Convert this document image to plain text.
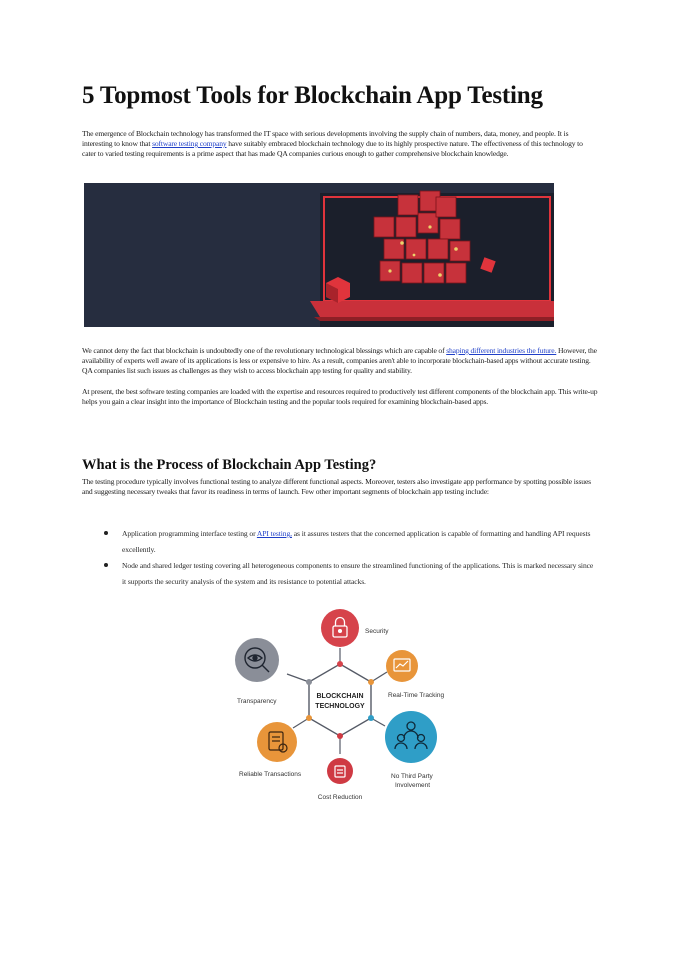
5 Topmost Tools for Blockchain App Testing

The emergence of Blockchain technology has transformed the IT space with serious developments involving the supply chain of numbers, data, money, and people. It is interesting to know that software testing company have suitably embraced blockchain technology due to its highly prospective nature. The effectiveness of this technology to cater to varied testing requirements is a prime aspect that has made QA companies curious enough to gather comprehensive blockchain knowledge.

We cannot deny the fact that blockchain is undoubtedly one of the revolutionary technological blessings which are capable of shaping different industries the future. However, the availability of experts well aware of its applications is less or expensive to hire. As a result, companies aren't able to incorporate blockchain-based apps without accurate testing. QA companies list such issues as challenges as they wish to access blockchain app testing for quality and stability.

At present, the best software testing companies are loaded with the expertise and resources required to productively test different components of the blockchain app. This write-up helps you gain a clear insight into the importance of Blockchain testing and the popular tools required for examining blockchain-based apps.

What is the Process of Blockchain App Testing?

The testing procedure typically involves functional testing to analyze different functional aspects. Moreover, testers also investigate app performance by spotting possible issues and suggesting necessary tweaks that favor its readiness in terms of launch. Few other important segments of blockchain app testing include:

Application programming interface testing or API testing, as it assures testers that the concerned application is capable of formatting and handling API requests excellently.
Node and shared ledger testing covering all heterogeneous components to ensure the streamlined functioning of the applications. This is marked necessary since it supports the security analysis of the system and its resistance to potential attacks.
BLOCKCHAIN
TECHNOLOGY
Security
Real-Time Tracking
No Third Party
Involvement
Cost Reduction
Reliable Transactions
Transparency
